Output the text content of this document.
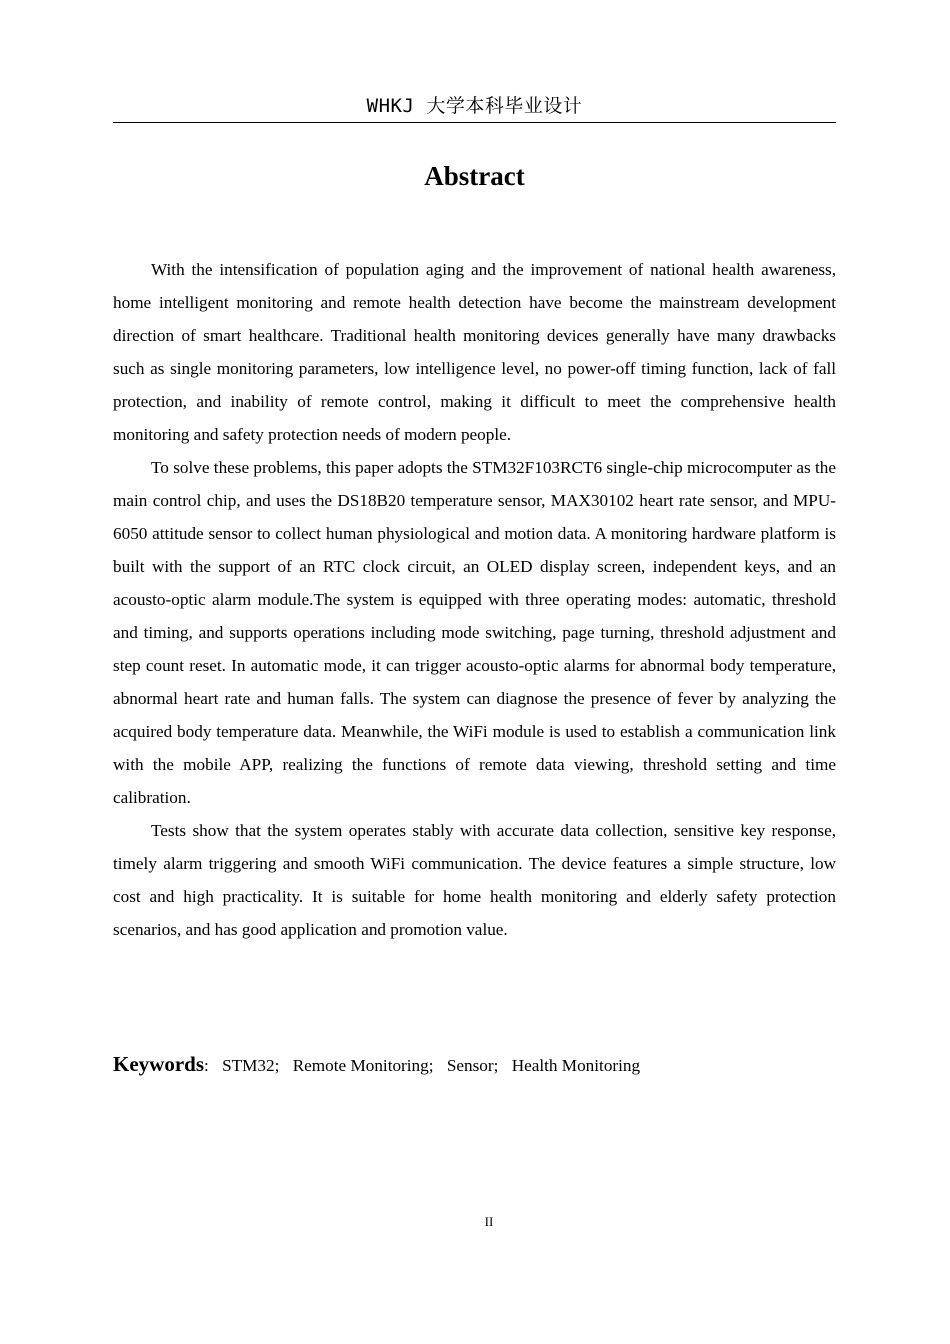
WHKJ 大学本科毕业设计
Abstract

With the intensification of population aging and the improvement of national health awareness, home intelligent monitoring and remote health detection have become the mainstream development direction of smart healthcare. Traditional health monitoring devices generally have many drawbacks such as single monitoring parameters, low intelligence level, no power-off timing function, lack of fall protection, and inability of remote control, making it difficult to meet the comprehensive health monitoring and safety protection needs of modern people.

To solve these problems, this paper adopts the STM32F103RCT6 single-chip microcomputer as the main control chip, and uses the DS18B20 temperature sensor, MAX30102 heart rate sensor, and MPU-6050 attitude sensor to collect human physiological and motion data. A monitoring hardware platform is built with the support of an RTC clock circuit, an OLED display screen, independent keys, and an acousto-optic alarm module.The system is equipped with three operating modes: automatic, threshold and timing, and supports operations including mode switching, page turning, threshold adjustment and step count reset. In automatic mode, it can trigger acousto-optic alarms for abnormal body temperature, abnormal heart rate and human falls. The system can diagnose the presence of fever by analyzing the acquired body temperature data. Meanwhile, the WiFi module is used to establish a communication link with the mobile APP, realizing the functions of remote data viewing, threshold setting and time calibration.

Tests show that the system operates stably with accurate data collection, sensitive key response, timely alarm triggering and smooth WiFi communication. The device features a simple structure, low cost and high practicality. It is suitable for home health monitoring and elderly safety protection scenarios, and has good application and promotion value.

Keywords: STM32; Remote Monitoring; Sensor; Health Monitoring
II
